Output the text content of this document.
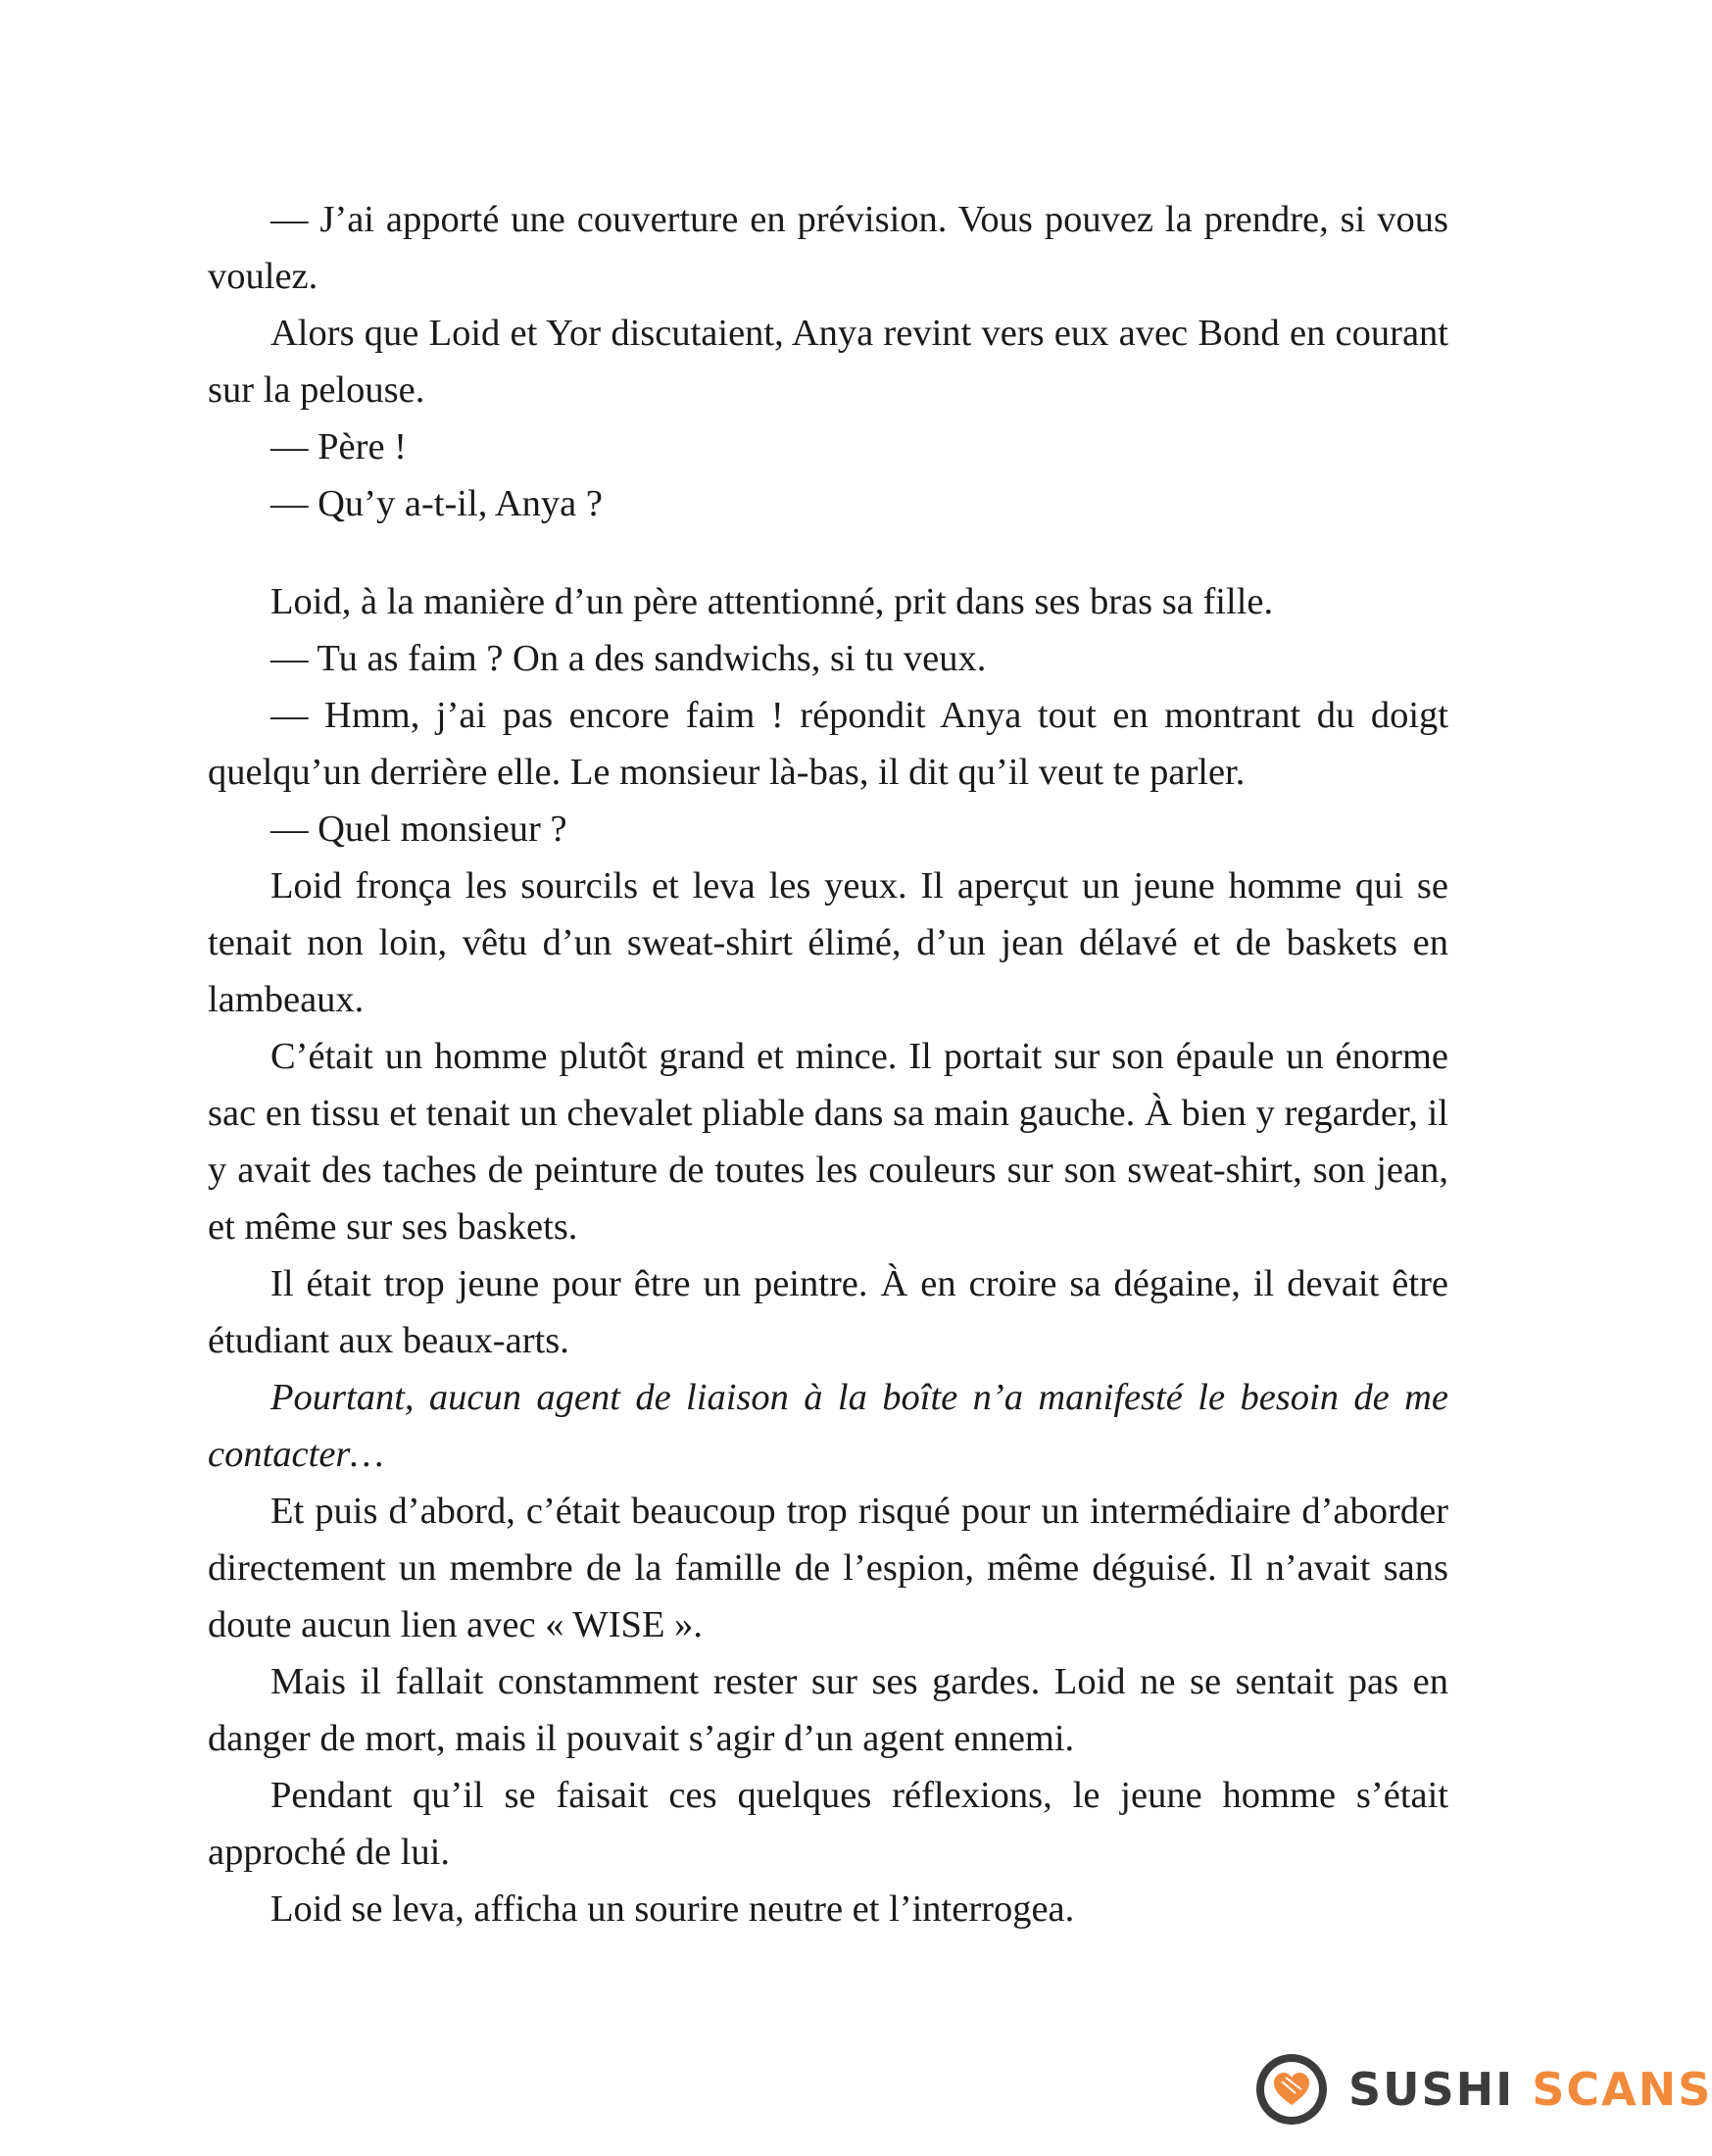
— J’ai apporté une couverture en prévision. Vous pouvez la prendre, si vous voulez.

Alors que Loid et Yor discutaient, Anya revint vers eux avec Bond en courant sur la pelouse.

— Père !

— Qu’y a-t-il, Anya ?

Loid, à la manière d’un père attentionné, prit dans ses bras sa fille.

— Tu as faim ? On a des sandwichs, si tu veux.

— Hmm, j’ai pas encore faim ! répondit Anya tout en montrant du doigt quelqu’un derrière elle. Le monsieur là-bas, il dit qu’il veut te parler.

— Quel monsieur ?

Loid fronça les sourcils et leva les yeux. Il aperçut un jeune homme qui se tenait non loin, vêtu d’un sweat-shirt élimé, d’un jean délavé et de baskets en lambeaux.

C’était un homme plutôt grand et mince. Il portait sur son épaule un énorme sac en tissu et tenait un chevalet pliable dans sa main gauche. À bien y regarder, il y avait des taches de peinture de toutes les couleurs sur son sweat-shirt, son jean, et même sur ses baskets.

Il était trop jeune pour être un peintre. À en croire sa dégaine, il devait être étudiant aux beaux-arts.

Pourtant, aucun agent de liaison à la boîte n’a manifesté le besoin de me contacter…

Et puis d’abord, c’était beaucoup trop risqué pour un intermédiaire d’aborder directement un membre de la famille de l’espion, même déguisé. Il n’avait sans doute aucun lien avec « WISE ».

Mais il fallait constamment rester sur ses gardes. Loid ne se sentait pas en danger de mort, mais il pouvait s’agir d’un agent ennemi.

Pendant qu’il se faisait ces quelques réflexions, le jeune homme s’était approché de lui.

Loid se leva, afficha un sourire neutre et l’interrogea.

SUSHI SCANS
